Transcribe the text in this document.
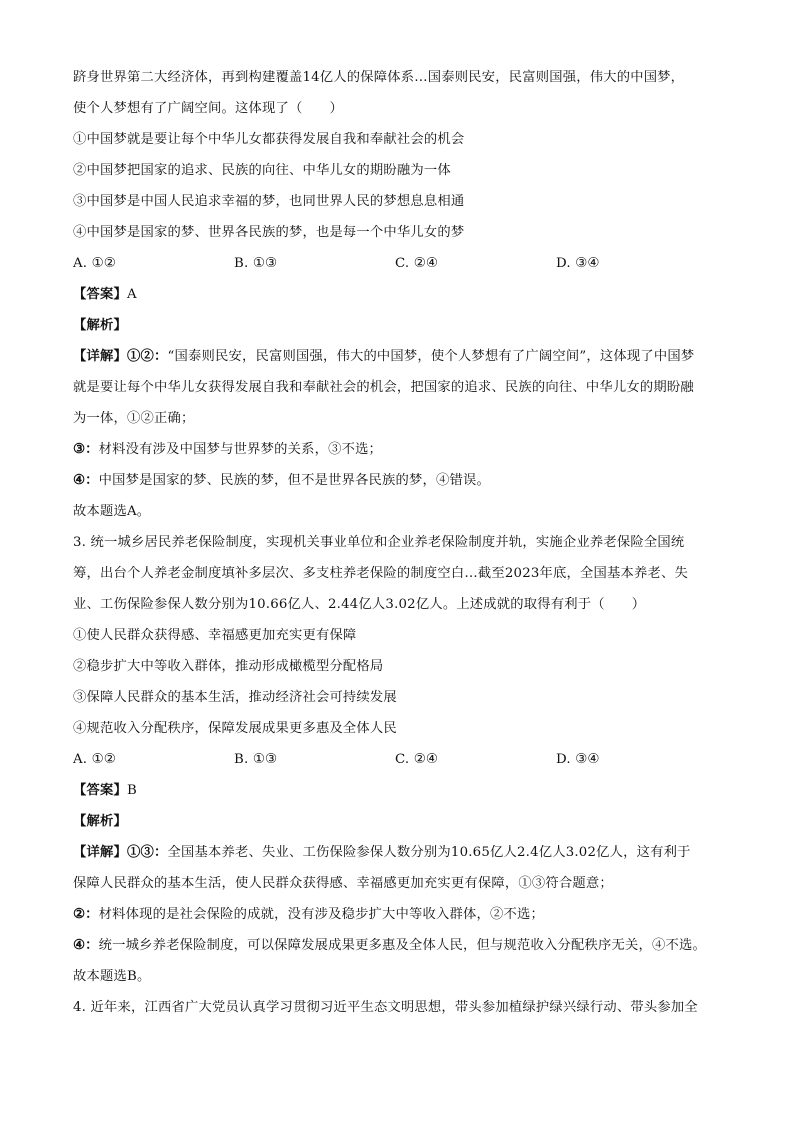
跻身世界第二大经济体，再到构建覆盖14亿人的保障体系…国泰则民安，民富则国强，伟大的中国梦，
使个人梦想有了广阔空间。这体现了（　　）
①中国梦就是要让每个中华儿女都获得发展自我和奉献社会的机会
②中国梦把国家的追求、民族的向往、中华儿女的期盼融为一体
③中国梦是中国人民追求幸福的梦，也同世界人民的梦想息息相通
④中国梦是国家的梦、世界各民族的梦，也是每一个中华儿女的梦
A. ①②	B. ①③	C. ②④	D. ③④
【答案】A
【解析】
【详解】①②：“国泰则民安，民富则国强，伟大的中国梦，使个人梦想有了广阔空间”，这体现了中国梦
就是要让每个中华儿女获得发展自我和奉献社会的机会，把国家的追求、民族的向往、中华儿女的期盼融
为一体，①②正确；
③：材料没有涉及中国梦与世界梦的关系，③不选；
④：中国梦是国家的梦、民族的梦，但不是世界各民族的梦，④错误。
故本题选A。
3. 统一城乡居民养老保险制度，实现机关事业单位和企业养老保险制度并轨，实施企业养老保险全国统
筹，出台个人养老金制度填补多层次、多支柱养老保险的制度空白…截至2023年底，全国基本养老、失
业、工伤保险参保人数分别为10.66亿人、2.44亿人3.02亿人。上述成就的取得有利于（　　）
①使人民群众获得感、幸福感更加充实更有保障
②稳步扩大中等收入群体，推动形成橄榄型分配格局
③保障人民群众的基本生活，推动经济社会可持续发展
④规范收入分配秩序，保障发展成果更多惠及全体人民
A. ①②	B. ①③	C. ②④	D. ③④
【答案】B
【解析】
【详解】①③：全国基本养老、失业、工伤保险参保人数分别为10.65亿人2.4亿人3.02亿人，这有利于
保障人民群众的基本生活，使人民群众获得感、幸福感更加充实更有保障，①③符合题意；
②：材料体现的是社会保险的成就，没有涉及稳步扩大中等收入群体，②不选；
④：统一城乡养老保险制度，可以保障发展成果更多惠及全体人民，但与规范收入分配秩序无关，④不选。
故本题选B。
4. 近年来，江西省广大党员认真学习贯彻习近平生态文明思想，带头参加植绿护绿兴绿行动、带头参加全
